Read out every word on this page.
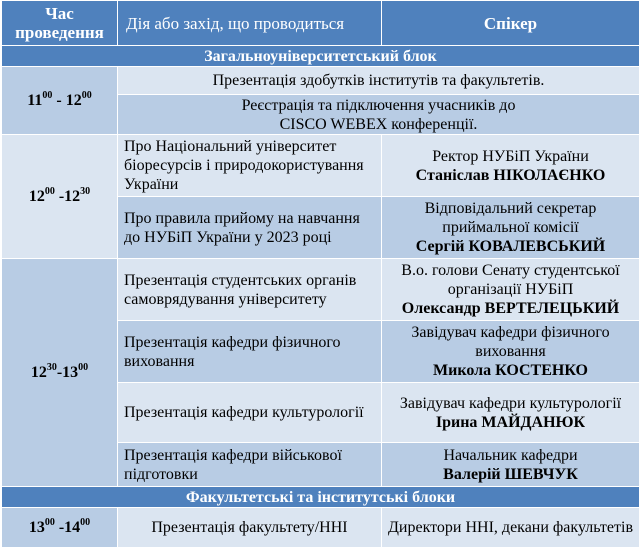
Час проведення	Дія або захід, що проводиться	Спікер
Загальноуніверситетський блок		
$11^{00} - 12^{00}$	Презентація здобутків інститутів та факультетів.	
	Реєстрація та підключення учасників до
CISCO WEBEX конференції.	
$12^{00}$ $-12^{30}$	Про Національний університет біоресурсів і природокористування України	Ректор НУБіП України
Станіслав НІКОЛАЄНКО
	Про правила прийому на навчання до НУБіП України у 2023 році	Відповідальний секретар приймальної комісії
Сергій КОВАЛЕВСЬКИЙ
$12^{30}-13^{00}$	Презентація студентських органів самоврядування університету	В.о. голови Сенату студентської організації НУБіП
Олександр ВЕРТЕЛЕЦЬКИЙ
	Презентація кафедри фізичного виховання	Завідувач кафедри фізичного виховання
Микола КОСТЕНКО
	Презентація кафедри культурології	Завідувач кафедри культурології
Ірина МАЙДАНЮК
	Презентація кафедри військової підготовки	Начальник кафедри
Валерій ШЕВЧУК
Факультетські та інститутські блоки		
$13^{00}$ $-14^{00}$	Презентація факультету/ННІ	Директори ННІ, декани факультетів
